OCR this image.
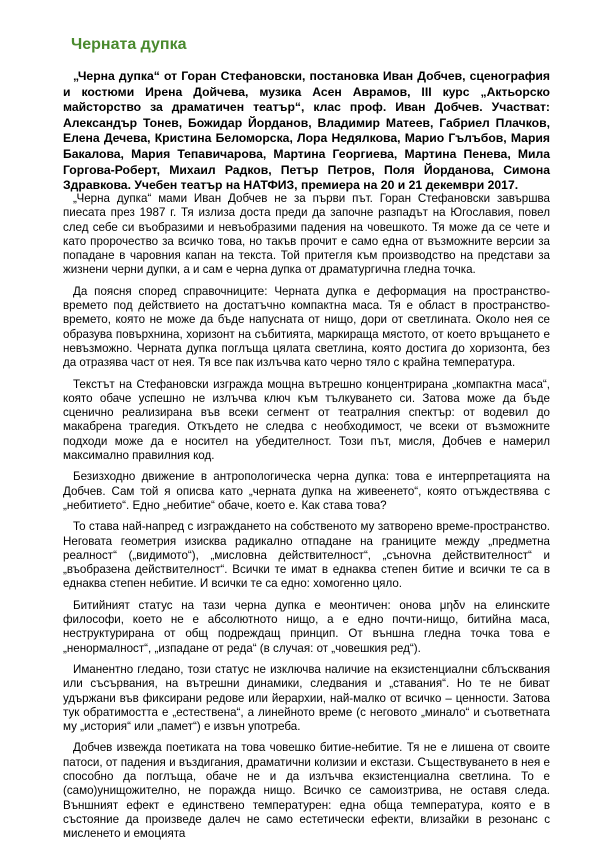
Черната дупка

„Черна дупка“ от Горан Стефановски, постановка Иван Добчев, сценография и костюми Ирена Дойчева, музика Асен Аврамов, III курс „Актьорско майсторство за драматичен театър“, клас проф. Иван Добчев. Участват: Александър Тонев, Божидар Йорданов, Владимир Матеев, Габриел Плачков, Елена Дечева, Кристина Беломорска, Лора Недялкова, Марио Гълъбов, Мария Бакалова, Мария Тепавичарова, Мартина Георгиева, Мартина Пенева, Мила Горгова-Роберт, Михаил Радков, Петър Петров, Поля Йорданова, Симона Здравкова. Учебен театър на НАТФИЗ, премиера на 20 и 21 декември 2017.

„Черна дупка“ мами Иван Добчев не за първи път. Горан Стефановски завършва пиесата през 1987 г. Тя излиза доста преди да започне разпадът на Югославия, повел след себе си въобразими и невъобразими падения на човешкото. Тя може да се чете и като пророчество за всичко това, но такъв прочит е само една от възможните версии за попадане в чаровния капан на текста. Той притегля към производство на представи за жизнени черни дупки, а и сам е черна дупка от драматургична гледна точка.

Да поясня според справочниците: Черната дупка е деформация на пространство-времето под действието на достатъчно компактна маса. Тя е област в пространство-времето, която не може да бъде напусната от нищо, дори от светлината. Около нея се образува повърхнина, хоризонт на събитията, маркираща мястото, от което връщането е невъзможно. Черната дупка поглъща цялата светлина, която достига до хоризонта, без да отразява част от нея. Тя все пак излъчва като черно тяло с крайна температура.

Текстът на Стефановски изгражда мощна вътрешно концентрирана „компактна маса“, която обаче успешно не излъчва ключ към тълкуването си. Затова може да бъде сценично реализирана във всеки сегмент от театралния спектър: от водевил до макабрена трагедия. Откъдето не следва с необходимост, че всеки от възможните подходи може да е носител на убедителност. Този път, мисля, Добчев е намерил максимално правилния код.

Безизходно движение в антропологическа черна дупка: това е интерпретацията на Добчев. Сам той я описва като „черната дупка на живеенето“, която отъждествява с „небитието“. Едно „небитие“ обаче, което е. Как става това?

То става най-напред с изграждането на собственото му затворено време-пространство. Неговата геометрия изисква радикално отпадане на границите между „предметна реалност“ („видимото“), „мисловна действителност“, „сънovна действителност“ и „въобразена действителност“. Всички те имат в еднаква степен битие и всички те са в еднаква степен небитие. И всички те са едно: хомогенно цяло.

Битийният статус на тази черна дупка е меонтичен: онова μηδν на елинските философи, което не е абсолютното нищо, а е едно почти-нищо, битийна маса, неструктурирана от общ подреждащ принцип. От външна гледна точка това е „ненормалност“, „изпадане от реда“ (в случая: от „човешкия ред“).

Иманентно гледано, този статус не изключва наличие на екзистенциални сблъсквания или съсървания, на вътрешни динамики, следвания и „ставания“. Но те не биват удържани във фиксирани редове или йерархии, най-малко от всичко – ценности. Затова тук обратимостта е „естествена“, а линейното време (с неговото „минало“ и съответната му „история“ или „памет“) е извън употреба.

Добчев извежда поетиката на това човешко битие-небитие. Тя не е лишена от своите патоси, от падения и въздигания, драматични колизии и екстази. Съществуването в нея е способно да поглъща, обаче не и да излъчва екзистенциална светлина. То е (само)унищожително, не поражда нищо. Всичко се самоизтрива, не оставя следа. Външният ефект е единствено температурен: една обща температура, която е в състояние да произведе далеч не само естетически ефекти, влизайки в резонанс с мисленето и емоцията
